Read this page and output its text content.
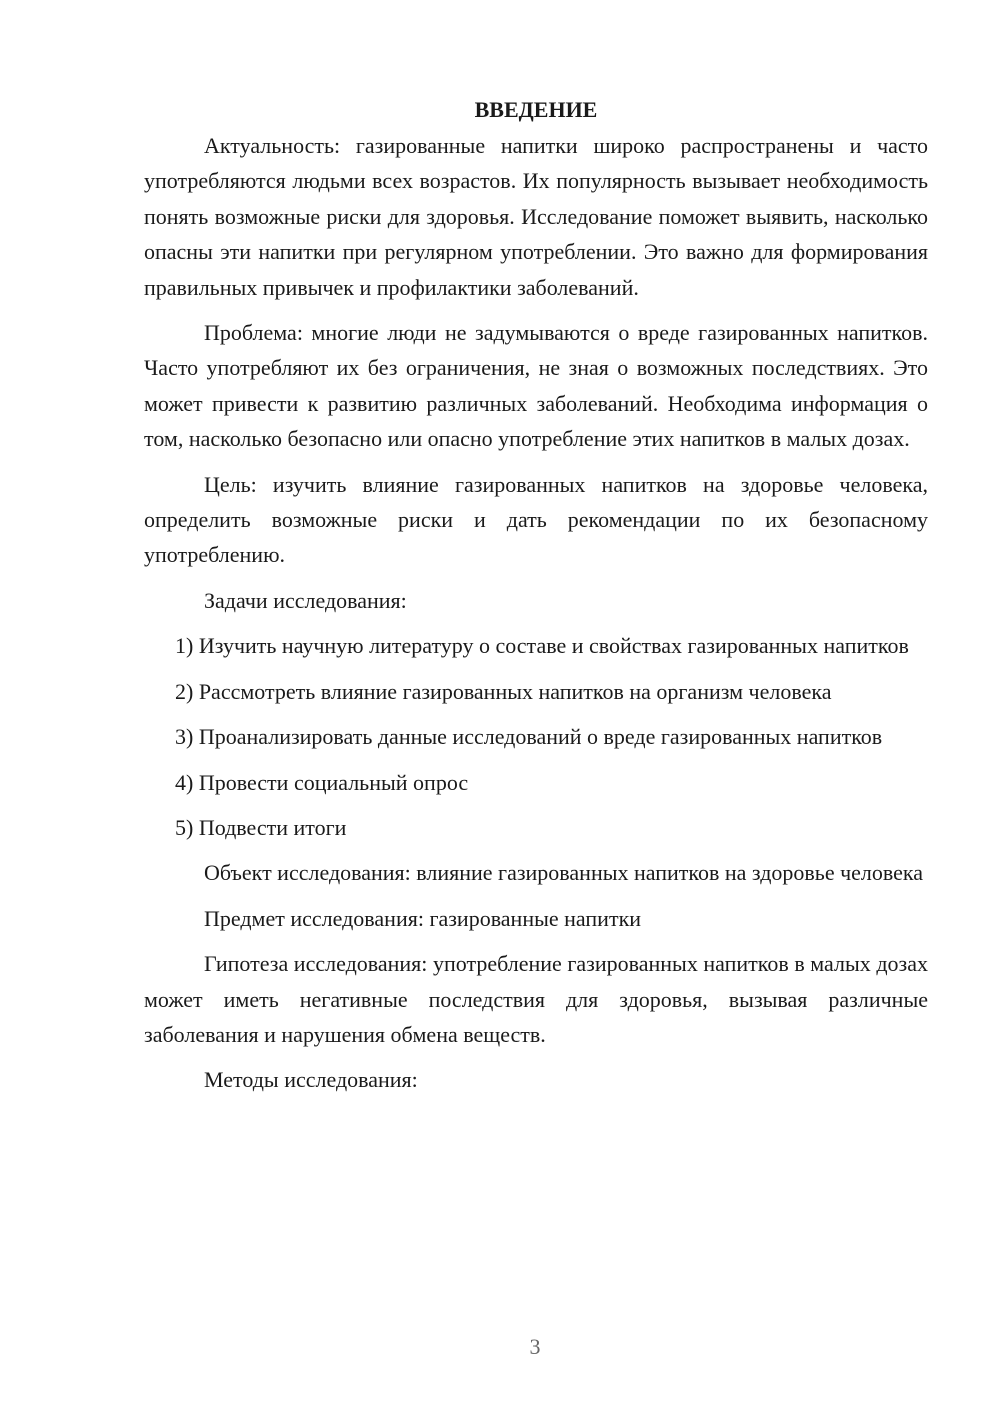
ВВЕДЕНИЕ

Актуальность: газированные напитки широко распространены и часто употребляются людьми всех возрастов. Их популярность вызывает необходимость понять возможные риски для здоровья. Исследование поможет выявить, насколько опасны эти напитки при регулярном употреблении. Это важно для формирования правильных привычек и профилактики заболеваний.

Проблема: многие люди не задумываются о вреде газированных напитков. Часто употребляют их без ограничения, не зная о возможных последствиях. Это может привести к развитию различных заболеваний. Необходима информация о том, насколько безопасно или опасно употребление этих напитков в малых дозах.

Цель: изучить влияние газированных напитков на здоровье человека, определить возможные риски и дать рекомендации по их безопасному употреблению.

Задачи исследования:

1) Изучить научную литературу о составе и свойствах газированных напитков

2) Рассмотреть влияние газированных напитков на организм человека

3) Проанализировать данные исследований о вреде газированных напитков

4) Провести социальный опрос

5) Подвести итоги

Объект исследования: влияние газированных напитков на здоровье человека

Предмет исследования: газированные напитки

Гипотеза исследования: употребление газированных напитков в малых дозах может иметь негативные последствия для здоровья, вызывая различные заболевания и нарушения обмена веществ.

Методы исследования:

3
